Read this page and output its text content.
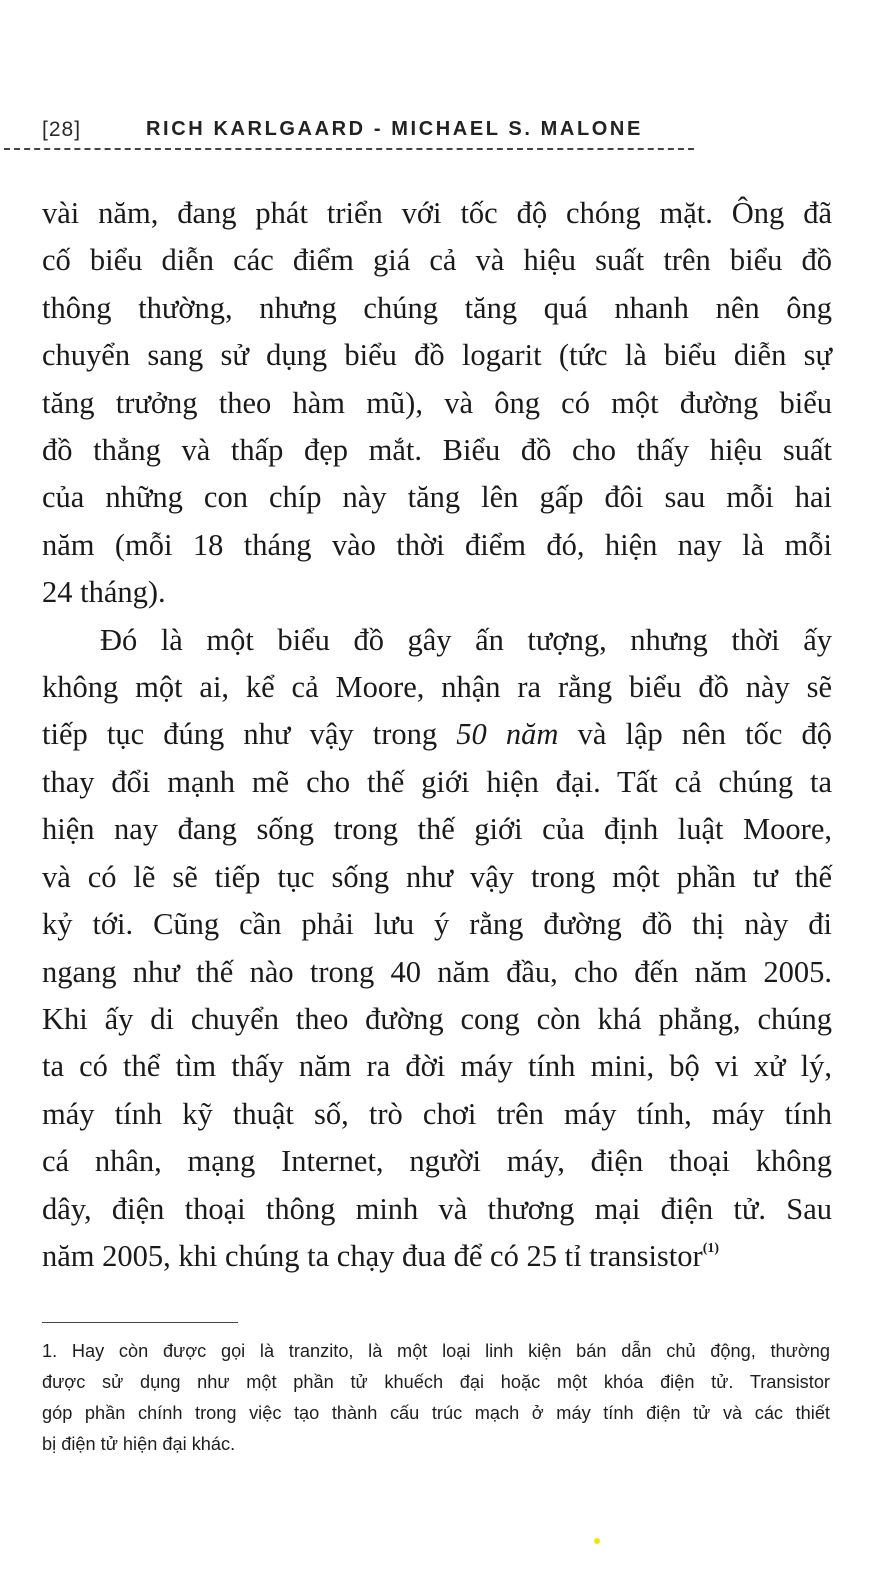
[28]	RICH KARLGAARD - MICHAEL S. MALONE
vài năm, đang phát triển với tốc độ chóng mặt. Ông đã
cố biểu diễn các điểm giá cả và hiệu suất trên biểu đồ
thông thường, nhưng chúng tăng quá nhanh nên ông
chuyển sang sử dụng biểu đồ logarit (tức là biểu diễn sự
tăng trưởng theo hàm mũ), và ông có một đường biểu
đồ thẳng và thấp đẹp mắt. Biểu đồ cho thấy hiệu suất
của những con chíp này tăng lên gấp đôi sau mỗi hai
năm (mỗi 18 tháng vào thời điểm đó, hiện nay là mỗi
24 tháng).
Đó là một biểu đồ gây ấn tượng, nhưng thời ấy
không một ai, kể cả Moore, nhận ra rằng biểu đồ này sẽ
tiếp tục đúng như vậy trong 50 năm và lập nên tốc độ
thay đổi mạnh mẽ cho thế giới hiện đại. Tất cả chúng ta
hiện nay đang sống trong thế giới của định luật Moore,
và có lẽ sẽ tiếp tục sống như vậy trong một phần tư thế
kỷ tới. Cũng cần phải lưu ý rằng đường đồ thị này đi
ngang như thế nào trong 40 năm đầu, cho đến năm 2005.
Khi ấy di chuyển theo đường cong còn khá phẳng, chúng
ta có thể tìm thấy năm ra đời máy tính mini, bộ vi xử lý,
máy tính kỹ thuật số, trò chơi trên máy tính, máy tính
cá nhân, mạng Internet, người máy, điện thoại không
dây, điện thoại thông minh và thương mại điện tử. Sau
năm 2005, khi chúng ta chạy đua để có 25 tỉ transistor$^{(1)}$
1. Hay còn được gọi là tranzito, là một loại linh kiện bán dẫn chủ động, thường
được sử dụng như một phần tử khuếch đại hoặc một khóa điện tử. Transistor
góp phần chính trong việc tạo thành cấu trúc mạch ở máy tính điện tử và các thiết
bị điện tử hiện đại khác.
